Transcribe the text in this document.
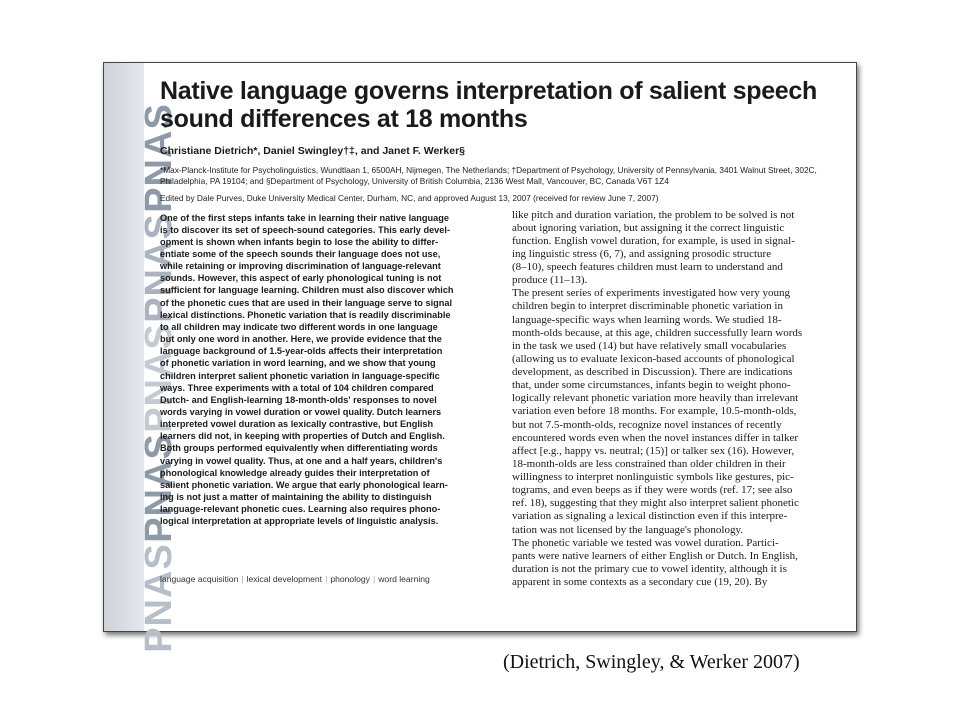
PNAS
PNAS
PNAS
PNAS
PNAS
Native language governs interpretation of salient speech sound differences at 18 months
Christiane Dietrich*, Daniel Swingley†‡, and Janet F. Werker§
*Max-Planck-Institute for Psycholinguistics, Wundtlaan 1, 6500AH, Nijmegen, The Netherlands; †Department of Psychology, University of Pennsylvania, 3401 Walnut Street, 302C, Philadelphia, PA 19104; and §Department of Psychology, University of British Columbia, 2136 West Mall, Vancouver, BC, Canada V6T 1Z4
Edited by Dale Purves, Duke University Medical Center, Durham, NC, and approved August 13, 2007 (received for review June 7, 2007)
One of the first steps infants take in learning their native language
is to discover its set of speech-sound categories. This early devel-
opment is shown when infants begin to lose the ability to differ-
entiate some of the speech sounds their language does not use,
while retaining or improving discrimination of language-relevant
sounds. However, this aspect of early phonological tuning is not
sufficient for language learning. Children must also discover which
of the phonetic cues that are used in their language serve to signal
lexical distinctions. Phonetic variation that is readily discriminable
to all children may indicate two different words in one language
but only one word in another. Here, we provide evidence that the
language background of 1.5-year-olds affects their interpretation
of phonetic variation in word learning, and we show that young
children interpret salient phonetic variation in language-specific
ways. Three experiments with a total of 104 children compared
Dutch- and English-learning 18-month-olds' responses to novel
words varying in vowel duration or vowel quality. Dutch learners
interpreted vowel duration as lexically contrastive, but English
learners did not, in keeping with properties of Dutch and English.
Both groups performed equivalently when differentiating words
varying in vowel quality. Thus, at one and a half years, children's
phonological knowledge already guides their interpretation of
salient phonetic variation. We argue that early phonological learn-
ing is not just a matter of maintaining the ability to distinguish
language-relevant phonetic cues. Learning also requires phono-
logical interpretation at appropriate levels of linguistic analysis.
language acquisition | lexical development | phonology | word learning
like pitch and duration variation, the problem to be solved is not
about ignoring variation, but assigning it the correct linguistic
function. English vowel duration, for example, is used in signal-
ing linguistic stress (6, 7), and assigning prosodic structure
(8–10), speech features children must learn to understand and
produce (11–13).
The present series of experiments investigated how very young
children begin to interpret discriminable phonetic variation in
language-specific ways when learning words. We studied 18-
month-olds because, at this age, children successfully learn words
in the task we used (14) but have relatively small vocabularies
(allowing us to evaluate lexicon-based accounts of phonological
development, as described in Discussion). There are indications
that, under some circumstances, infants begin to weight phono-
logically relevant phonetic variation more heavily than irrelevant
variation even before 18 months. For example, 10.5-month-olds,
but not 7.5-month-olds, recognize novel instances of recently
encountered words even when the novel instances differ in talker
affect [e.g., happy vs. neutral; (15)] or talker sex (16). However,
18-month-olds are less constrained than older children in their
willingness to interpret nonlinguistic symbols like gestures, pic-
tograms, and even beeps as if they were words (ref. 17; see also
ref. 18), suggesting that they might also interpret salient phonetic
variation as signaling a lexical distinction even if this interpre-
tation was not licensed by the language's phonology.
The phonetic variable we tested was vowel duration. Partici-
pants were native learners of either English or Dutch. In English,
duration is not the primary cue to vowel identity, although it is
apparent in some contexts as a secondary cue (19, 20). By
(Dietrich, Swingley, & Werker 2007)
